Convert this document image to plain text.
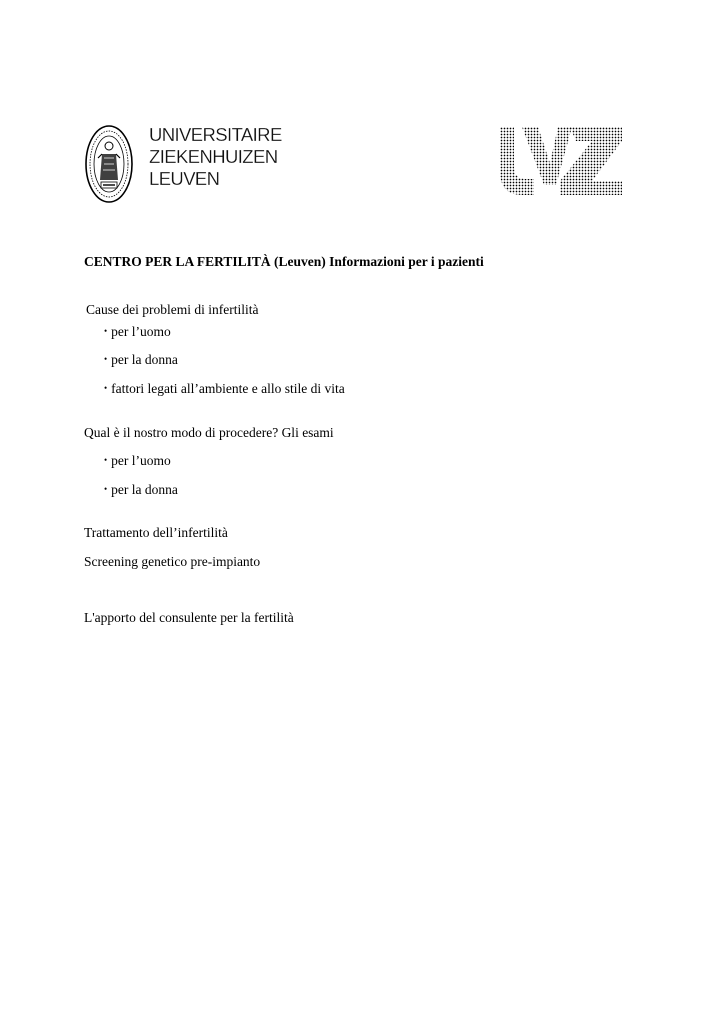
UNIVERSITAIRE
ZIEKENHUIZEN
LEUVEN
CENTRO PER LA FERTILITÀ (Leuven) Informazioni per i pazienti
Cause dei problemi di infertilità
• per l’uomo
• per la donna
• fattori legati all’ambiente e allo stile di vita
Qual è il nostro modo di procedere? Gli esami
• per l’uomo
• per la donna
Trattamento dell’infertilità
Screening genetico pre-impianto
L'apporto del consulente per la fertilità
